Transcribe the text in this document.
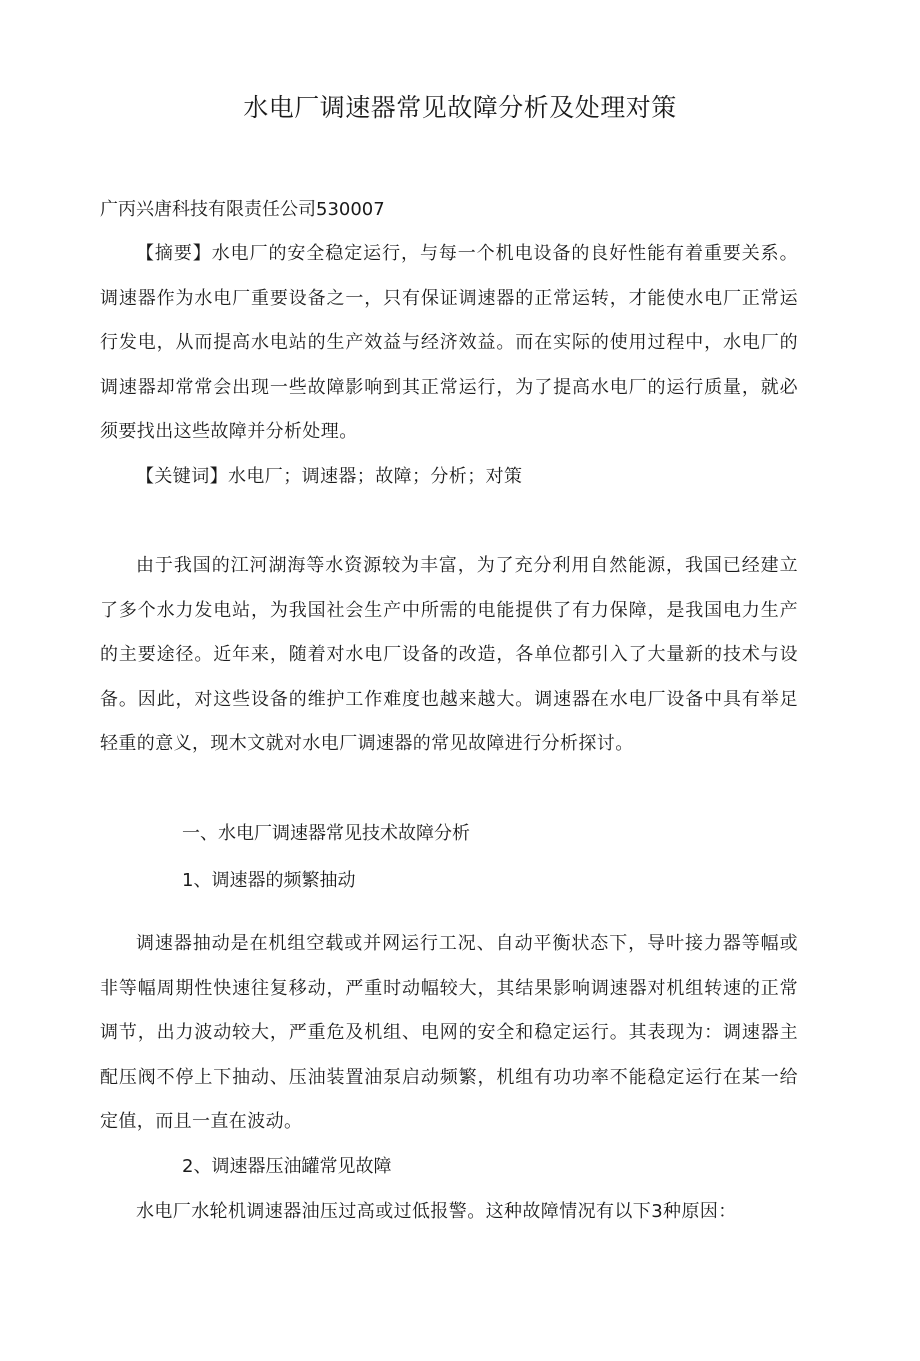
水电厂调速器常见故障分析及处理对策

广丙兴唐科技有限责任公司530007

【摘要】水电厂的安全稳定运行，与每一个机电设备的良好性能有着重要关系。调速器作为水电厂重要设备之一，只有保证调速器的正常运转，才能使水电厂正常运行发电，从而提高水电站的生产效益与经济效益。而在实际的使用过程中，水电厂的调速器却常常会出现一些故障影响到其正常运行，为了提高水电厂的运行质量，就必须要找出这些故障并分析处理。

【关键词】水电厂；调速器；故障；分析；对策

由于我国的江河湖海等水资源较为丰富，为了充分利用自然能源，我国已经建立了多个水力发电站，为我国社会生产中所需的电能提供了有力保障，是我国电力生产的主要途径。近年来，随着对水电厂设备的改造，各单位都引入了大量新的技术与设备。因此，对这些设备的维护工作难度也越来越大。调速器在水电厂设备中具有举足轻重的意义，现木文就对水电厂调速器的常见故障进行分析探讨。

一、水电厂调速器常见技术故障分析

1、调速器的频繁抽动

调速器抽动是在机组空载或并网运行工况、自动平衡状态下，导叶接力器等幅或非等幅周期性快速往复移动，严重时动幅较大，其结果影响调速器对机组转速的正常调节，出力波动较大，严重危及机组、电网的安全和稳定运行。其表现为：调速器主配压阀不停上下抽动、压油装置油泵启动频繁，机组有功功率不能稳定运行在某一给定值，而且一直在波动。

2、调速器压油罐常见故障

水电厂水轮机调速器油压过高或过低报警。这种故障情况有以下3种原因：
